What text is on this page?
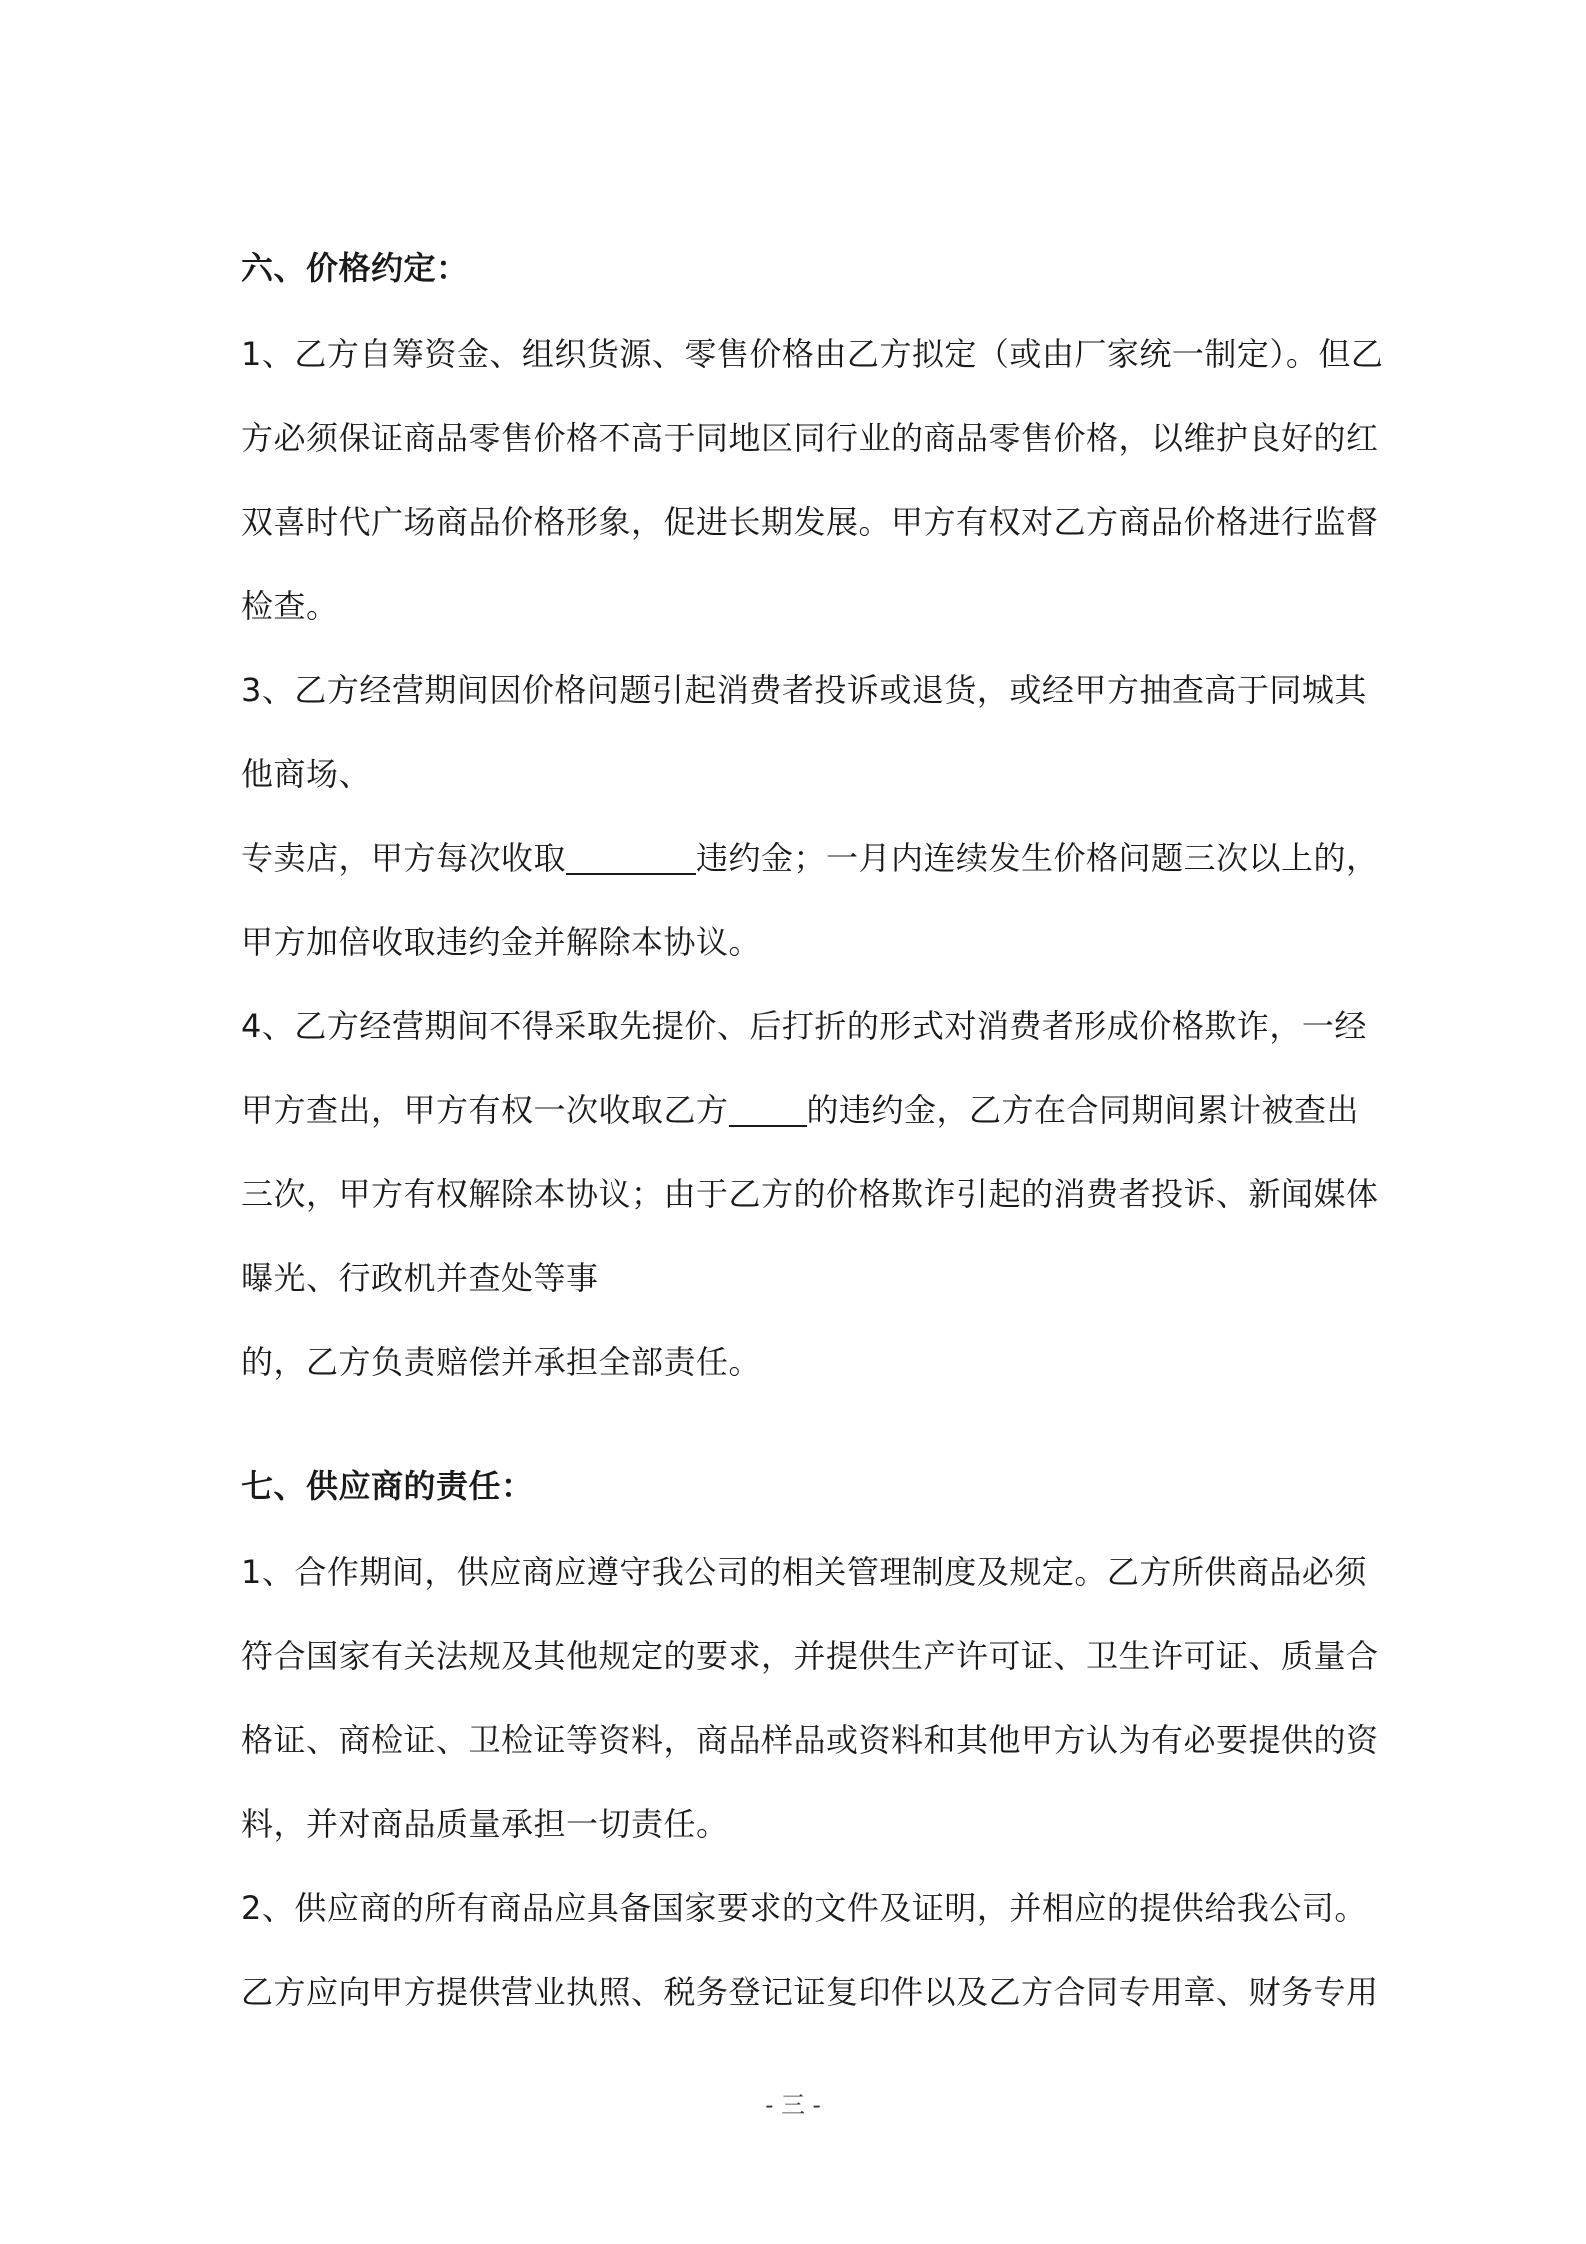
六、价格约定：
1、乙方自筹资金、组织货源、零售价格由乙方拟定（或由厂家统一制定）。但乙
方必须保证商品零售价格不高于同地区同行业的商品零售价格，以维护良好的红
双喜时代广场商品价格形象，促进长期发展。甲方有权对乙方商品价格进行监督
检查。
3、乙方经营期间因价格问题引起消费者投诉或退货，或经甲方抽查高于同城其
他商场、
专卖店，甲方每次收取	违约金；一月内连续发生价格问题三次以上的，
甲方加倍收取违约金并解除本协议。
4、乙方经营期间不得采取先提价、后打折的形式对消费者形成价格欺诈，一经
甲方查出，甲方有权一次收取乙方 的违约金，乙方在合同期间累计被查出
三次，甲方有权解除本协议；由于乙方的价格欺诈引起的消费者投诉、新闻媒体
曝光、行政机并查处等事
的，乙方负责赔偿并承担全部责任。
七、供应商的责任：
1、合作期间，供应商应遵守我公司的相关管理制度及规定。乙方所供商品必须
符合国家有关法规及其他规定的要求，并提供生产许可证、卫生许可证、质量合
格证、商检证、卫检证等资料，商品样品或资料和其他甲方认为有必要提供的资
料，并对商品质量承担一切责任。
2、供应商的所有商品应具备国家要求的文件及证明，并相应的提供给我公司。
乙方应向甲方提供营业执照、税务登记证复印件以及乙方合同专用章、财务专用
- 三 -
